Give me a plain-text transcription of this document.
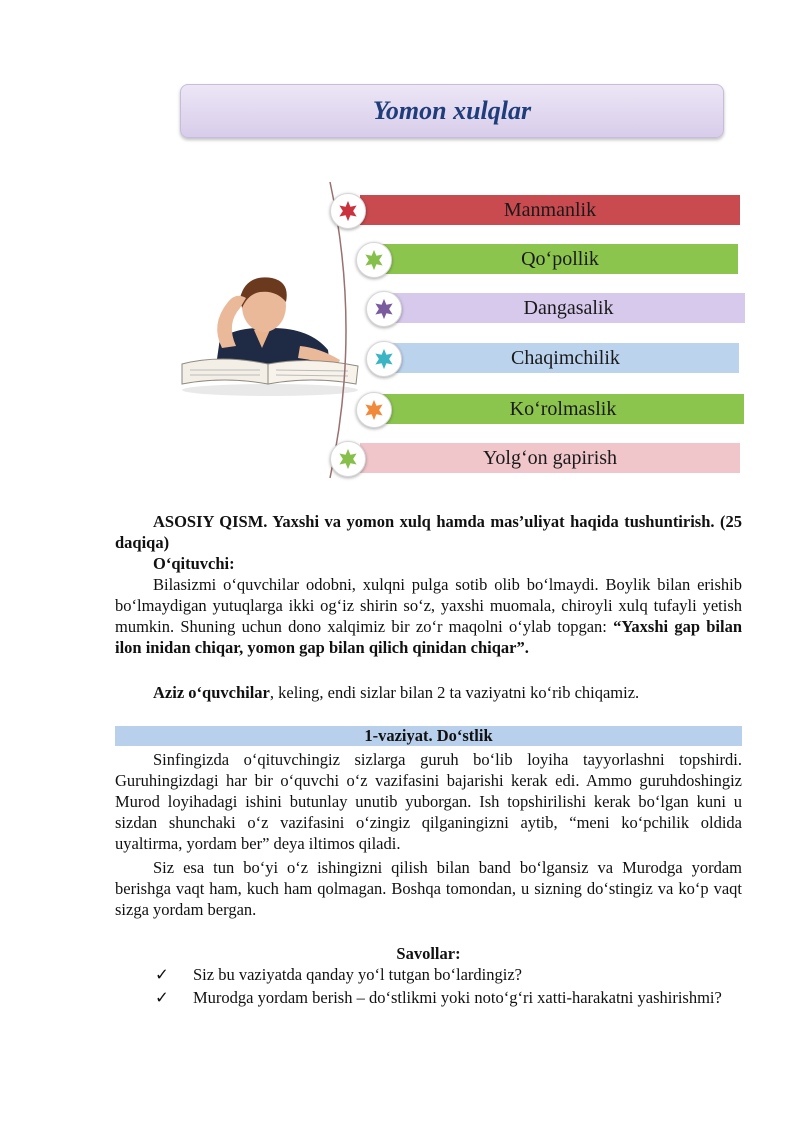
Yomon xulqlar
Manmanlik
Qo‘pollik
Dangasalik
Chaqimchilik
Ko‘rolmaslik
Yolg‘on gapirish
ASOSIY QISM. Yaxshi va yomon xulq hamda mas’uliyat haqida tushuntirish. (25 daqiqa)
O‘qituvchi:
Bilasizmi o‘quvchilar odobni, xulqni pulga sotib olib bo‘lmaydi. Boylik bilan erishib bo‘lmaydigan yutuqlarga ikki og‘iz shirin so‘z, yaxshi muomala, chiroyli xulq tufayli yetish mumkin. Shuning uchun dono xalqimiz bir zo‘r maqolni o‘ylab topgan: “Yaxshi gap bilan ilon inidan chiqar, yomon gap bilan qilich qinidan chiqar”.
Aziz o‘quvchilar, keling, endi sizlar bilan 2 ta vaziyatni ko‘rib chiqamiz.
1-vaziyat. Do‘stlik
Sinfingizda o‘qituvchingiz sizlarga guruh bo‘lib loyiha tayyorlashni topshirdi. Guruhingizdagi har bir o‘quvchi o‘z vazifasini bajarishi kerak edi. Ammo guruhdoshingiz Murod loyihadagi ishini butunlay unutib yuborgan. Ish topshirilishi kerak bo‘lgan kuni u sizdan shunchaki o‘z vazifasini o‘zingiz qilganingizni aytib, “meni ko‘pchilik oldida uyaltirma, yordam ber” deya iltimos qiladi.
Siz esa tun bo‘yi o‘z ishingizni qilish bilan band bo‘lgansiz va Murodga yordam berishga vaqt ham, kuch ham qolmagan. Boshqa tomondan, u sizning do‘stingiz va ko‘p vaqt sizga yordam bergan.
Savollar:
✓ Siz bu vaziyatda qanday yo‘l tutgan bo‘lardingiz?
✓ Murodga yordam berish – do‘stlikmi yoki noto‘g‘ri xatti-harakatni yashirishmi?
